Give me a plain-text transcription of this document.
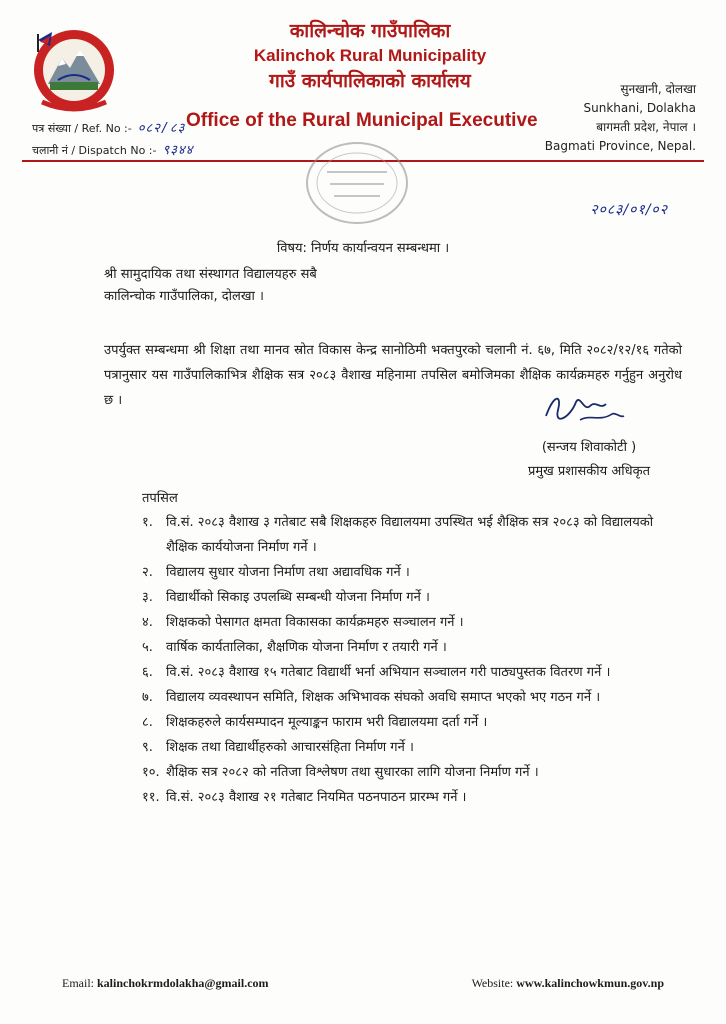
कालिन्चोक गाउँपालिका
Kalinchok Rural Municipality
गाउँ कार्यपालिकाको कार्यालय
Office of the Rural Municipal Executive
पत्र संख्या / Ref. No :- ०८२/८३
चलानी नं / Dispatch No :- ९३४४
सुनखानी, दोलखा
Sunkhani, Dolakha
बागमती प्रदेश, नेपाल ।
Bagmati Province, Nepal.
२०८३/०१/०२
विषय: निर्णय कार्यान्वयन सम्बन्धमा ।
श्री सामुदायिक तथा संस्थागत विद्यालयहरु सबै
कालिन्चोक गाउँपालिका, दोलखा ।
उपर्युक्त सम्बन्धमा श्री शिक्षा तथा मानव स्रोत विकास केन्द्र सानोठिमी भक्तपुरको चलानी नं. ६७, मिति २०८२/१२/१६ गतेको पत्रानुसार यस गाउँपालिकाभित्र शैक्षिक सत्र २०८३ वैशाख महिनामा तपसिल बमोजिमका शैक्षिक कार्यक्रमहरु गर्नुहुन अनुरोध छ ।
(सन्जय शिवाकोटी )
प्रमुख प्रशासकीय अधिकृत
तपसिल
१.	वि.सं. २०८३ वैशाख ३ गतेबाट सबै शिक्षकहरु विद्यालयमा उपस्थित भई शैक्षिक सत्र २०८३ को विद्यालयको शैक्षिक कार्ययोजना निर्माण गर्ने ।
२.	विद्यालय सुधार योजना निर्माण तथा अद्यावधिक गर्ने ।
३.	विद्यार्थीको सिकाइ उपलब्धि सम्बन्धी योजना निर्माण गर्ने ।
४.	शिक्षकको पेसागत क्षमता विकासका कार्यक्रमहरु सञ्चालन गर्ने ।
५.	वार्षिक कार्यतालिका, शैक्षणिक योजना निर्माण र तयारी गर्ने ।
६.	वि.सं. २०८३ वैशाख १५ गतेबाट विद्यार्थी भर्ना अभियान सञ्चालन गरी पाठ्यपुस्तक वितरण गर्ने ।
७.	विद्यालय व्यवस्थापन समिति, शिक्षक अभिभावक संघको अवधि समाप्त भएको भए गठन गर्ने ।
८.	शिक्षकहरुले कार्यसम्पादन मूल्याङ्कन फाराम भरी विद्यालयमा दर्ता गर्ने ।
९.	शिक्षक तथा विद्यार्थीहरुको आचारसंहिता निर्माण गर्ने ।
१०. शैक्षिक सत्र २०८२ को नतिजा विश्लेषण तथा सुधारका लागि योजना निर्माण गर्ने ।
११. वि.सं. २०८३ वैशाख २१ गतेबाट नियमित पठनपाठन प्रारम्भ गर्ने ।
Email: kalinchokrmdolakha@gmail.com	Website: www.kalinchowkmun.gov.np
